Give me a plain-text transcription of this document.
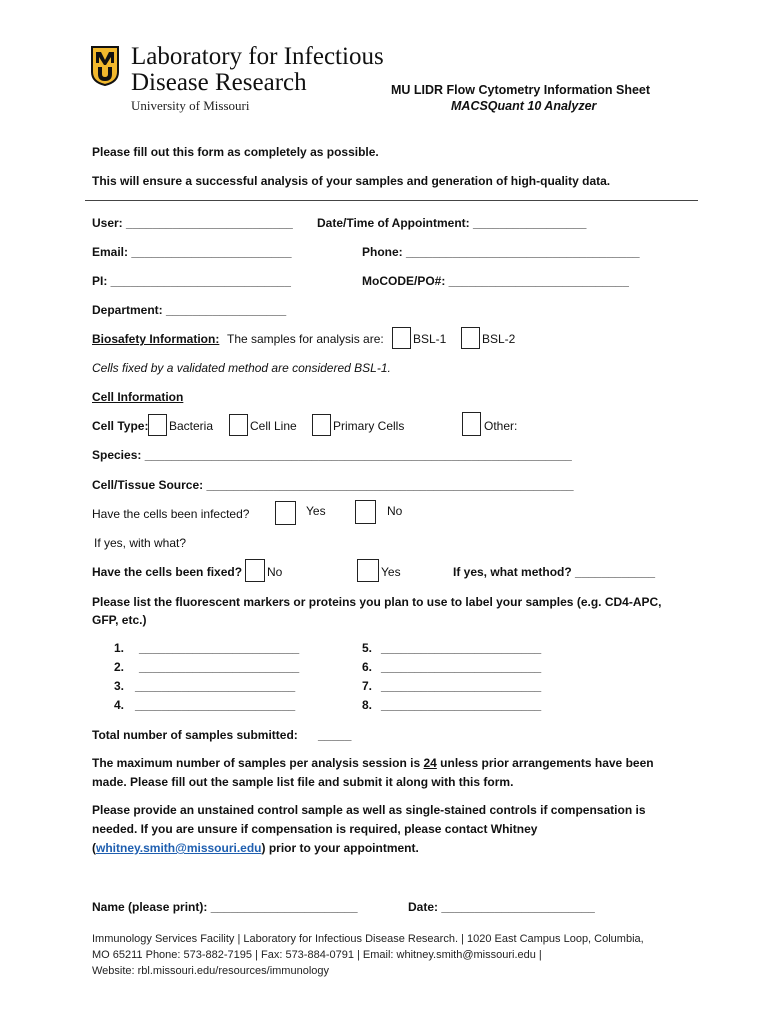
Laboratory for Infectious
Disease Research
University of Missouri
MU LIDR Flow Cytometry Information Sheet
MACSQuant 10 Analyzer
Please fill out this form as completely as possible.
This will ensure a successful analysis of your samples and generation of high-quality data.
User: _________________________ Date/Time of Appointment: _________________
Email: ________________________	Phone: ___________________________________
PI: ___________________________	MoCODE/PO#: ___________________________
Department: __________________
Biosafety Information: The samples for analysis are: BSL-1	BSL-2
Cells fixed by a validated method are considered BSL-1.
Cell Information
Cell Type: Bacteria	Cell Line	Primary Cells	Other:
Species: ________________________________________________________________
Cell/Tissue Source: _______________________________________________________
Have the cells been infected?	Yes	No
If yes, with what?
Have the cells been fixed? No	Yes	If yes, what method? ____________
Please list the fluorescent markers or proteins you plan to use to label your samples (e.g. CD4-APC,
GFP, etc.)
1. ________________________
2. ________________________
3. ________________________
4. ________________________
5. ________________________
6. ________________________
7. ________________________
8. ________________________
Total number of samples submitted: _____
The maximum number of samples per analysis session is 24 unless prior arrangements have been
made. Please fill out the sample list file and submit it along with this form.
Please provide an unstained control sample as well as single-stained controls if compensation is
needed. If you are unsure if compensation is required, please contact Whitney
(whitney.smith@missouri.edu) prior to your appointment.
Name (please print): ______________________	Date: _______________________
Immunology Services Facility | Laboratory for Infectious Disease Research. | 1020 East Campus Loop, Columbia,
MO 65211 Phone: 573-882-7195 | Fax: 573-884-0791 | Email: whitney.smith@missouri.edu |
Website: rbl.missouri.edu/resources/immunology
